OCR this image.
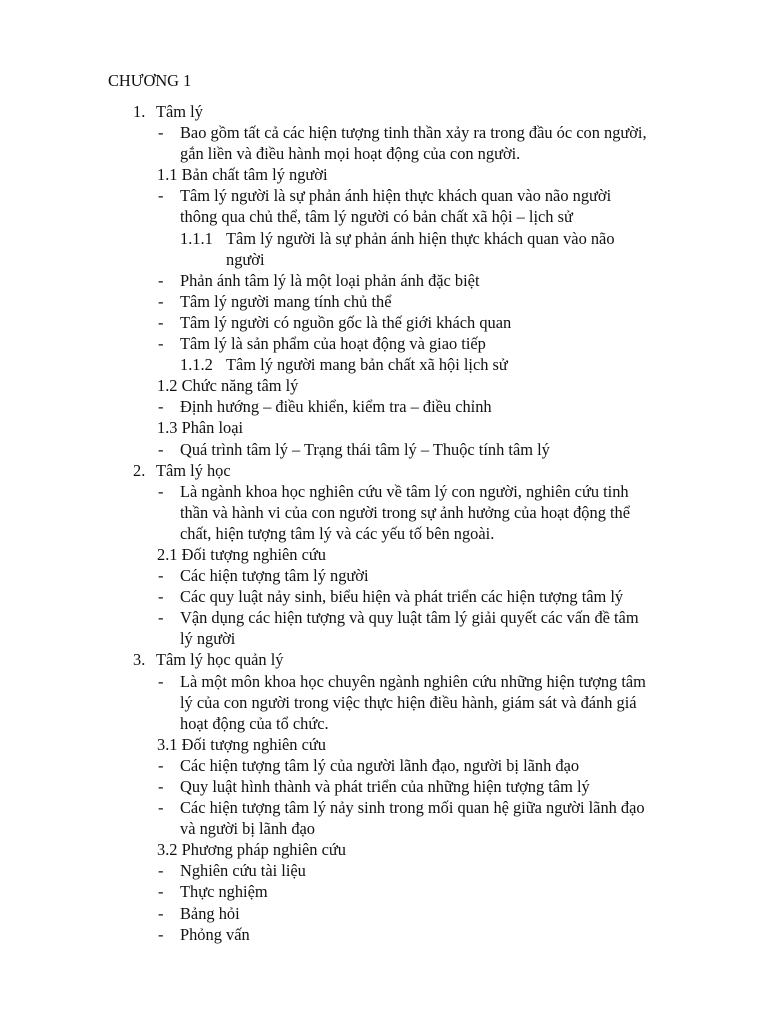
CHƯƠNG 1
1. Tâm lý
- Bao gồm tất cả các hiện tượng tinh thần xảy ra trong đầu óc con người,
gắn liền và điều hành mọi hoạt động của con người.
1.1 Bản chất tâm lý người
- Tâm lý người là sự phản ánh hiện thực khách quan vào não người
thông qua chủ thể, tâm lý người có bản chất xã hội – lịch sử
1.1.1 Tâm lý người là sự phản ánh hiện thực khách quan vào não
người
- Phản ánh tâm lý là một loại phản ánh đặc biệt
- Tâm lý người mang tính chủ thể
- Tâm lý người có nguồn gốc là thế giới khách quan
- Tâm lý là sản phẩm của hoạt động và giao tiếp
1.1.2 Tâm lý người mang bản chất xã hội lịch sử
1.2 Chức năng tâm lý
- Định hướng – điều khiển, kiểm tra – điều chỉnh
1.3 Phân loại
- Quá trình tâm lý – Trạng thái tâm lý – Thuộc tính tâm lý
2. Tâm lý học
- Là ngành khoa học nghiên cứu về tâm lý con người, nghiên cứu tinh
thần và hành vi của con người trong sự ảnh hưởng của hoạt động thể
chất, hiện tượng tâm lý và các yếu tố bên ngoài.
2.1 Đối tượng nghiên cứu
- Các hiện tượng tâm lý người
- Các quy luật nảy sinh, biểu hiện và phát triển các hiện tượng tâm lý
- Vận dụng các hiện tượng và quy luật tâm lý giải quyết các vấn đề tâm
lý người
3. Tâm lý học quản lý
- Là một môn khoa học chuyên ngành nghiên cứu những hiện tượng tâm
lý của con người trong việc thực hiện điều hành, giám sát và đánh giá
hoạt động của tổ chức.
3.1 Đối tượng nghiên cứu
- Các hiện tượng tâm lý của người lãnh đạo, người bị lãnh đạo
- Quy luật hình thành và phát triển của những hiện tượng tâm lý
- Các hiện tượng tâm lý nảy sinh trong mối quan hệ giữa người lãnh đạo
và người bị lãnh đạo
3.2 Phương pháp nghiên cứu
- Nghiên cứu tài liệu
- Thực nghiệm
- Bảng hỏi
- Phỏng vấn
